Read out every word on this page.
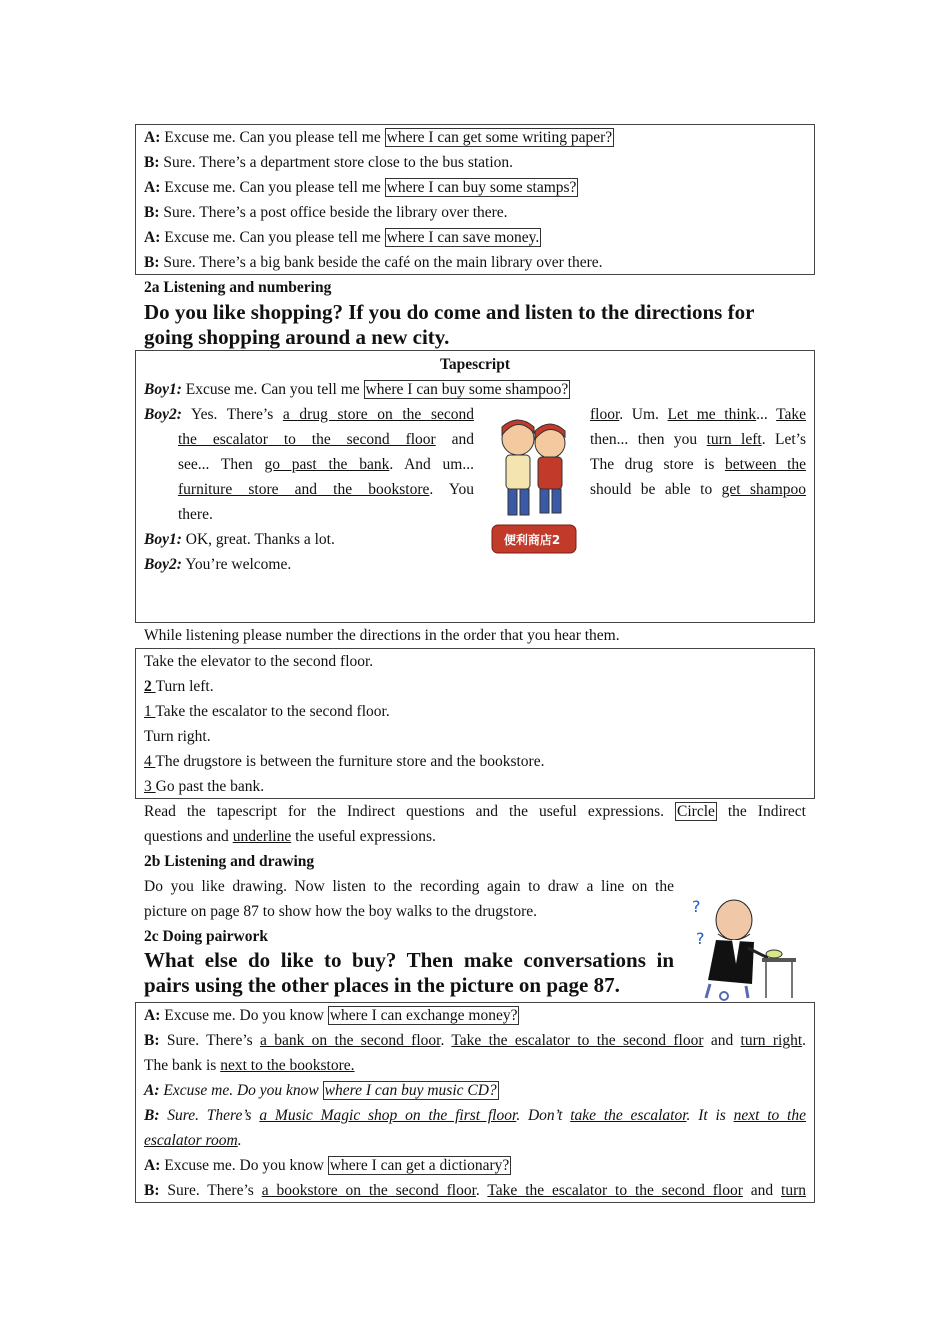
A: Excuse me. Can you please tell me where I can get some writing paper?
B: Sure. There’s a department store close to the bus station.
A: Excuse me. Can you please tell me where I can buy some stamps?
B: Sure. There’s a post office beside the library over there.
A: Excuse me. Can you please tell me where I can save money.
B: Sure. There’s a big bank beside the café on the main library over there.
2a Listening and numbering
Do you like shopping? If you do come and listen to the directions for going shopping around a new city.
Tapescript
Boy1: Excuse me. Can you tell me where I can buy some shampoo?
Boy2: Yes. There’s a drug store on the second
the escalator to the second floor and
see... Then go past the bank. And um...
furniture store and the bookstore. You
there.
floor. Um. Let me think... Take
then... then you turn left. Let’s
The drug store is between the
should be able to get shampoo
Boy1: OK, great. Thanks a lot.
Boy2: You’re welcome.
便利商店2
While listening please number the directions in the order that you hear them.
Take the elevator to the second floor.
2 Turn left.
1 Take the escalator to the second floor.
Turn right.
4 The drugstore is between the furniture store and the bookstore.
3 Go past the bank.
Read the tapescript for the Indirect questions and the useful expressions. Circle the Indirect
questions and underline the useful expressions.
2b Listening and drawing
Do you like drawing. Now listen to the recording again to draw a line on the
picture on page 87 to show how the boy walks to the drugstore.
2c Doing pairwork
What else do like to buy? Then make conversations in
pairs using the other places in the picture on page 87.
?
?
A: Excuse me. Do you know where I can exchange money?
B: Sure. There’s a bank on the second floor. Take the escalator to the second floor and turn right.
The bank is next to the bookstore.
A: Excuse me. Do you know where I can buy music CD?
B: Sure. There’s a Music Magic shop on the first floor. Don’t take the escalator. It is next to the
escalator room.
A: Excuse me. Do you know where I can get a dictionary?
B: Sure. There’s a bookstore on the second floor. Take the escalator to the second floor and turn
